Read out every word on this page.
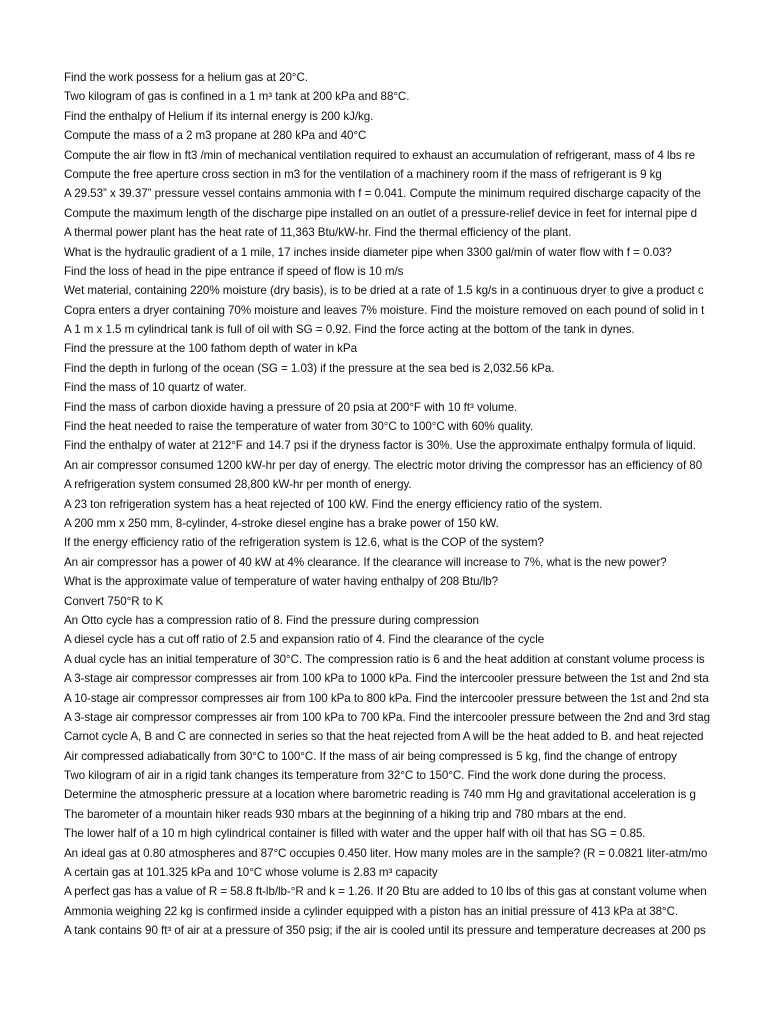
Find the work possess for a helium gas at 20°C.
Two kilogram of gas is confined in a 1 m³ tank at 200 kPa and 88°C.
Find the enthalpy of Helium if its internal energy is 200 kJ/kg.
Compute the mass of a 2 m3 propane at 280 kPa and 40°C
Compute the air flow in ft3 /min of mechanical ventilation required to exhaust an accumulation of refrigerant, mass of 4 lbs re
Compute the free aperture cross section in m3 for the ventilation of a machinery room if the mass of refrigerant is 9 kg
A 29.53” x 39.37” pressure vessel contains ammonia with f = 0.041. Compute the minimum required discharge capacity of the
Compute the maximum length of the discharge pipe installed on an outlet of a pressure-relief device in feet for internal pipe d
A thermal power plant has the heat rate of 11,363 Btu/kW-hr. Find the thermal efficiency of the plant.
What is the hydraulic gradient of a 1 mile, 17 inches inside diameter pipe when 3300 gal/min of water flow with f = 0.03?
Find the loss of head in the pipe entrance if speed of flow is 10 m/s
Wet material, containing 220% moisture (dry basis), is to be dried at a rate of 1.5 kg/s in a continuous dryer to give a product c
Copra enters a dryer containing 70% moisture and leaves 7% moisture. Find the moisture removed on each pound of solid in t
A 1 m x 1.5 m cylindrical tank is full of oil with SG = 0.92. Find the force acting at the bottom of the tank in dynes.
Find the pressure at the 100 fathom depth of water in kPa
Find the depth in furlong of the ocean (SG = 1.03) if the pressure at the sea bed is 2,032.56 kPa.
Find the mass of 10 quartz of water.
Find the mass of carbon dioxide having a pressure of 20 psia at 200°F with 10 ft³ volume.
Find the heat needed to raise the temperature of water from 30°C to 100°C with 60% quality.
Find the enthalpy of water at 212°F and 14.7 psi if the dryness factor is 30%. Use the approximate enthalpy formula of liquid.
An air compressor consumed 1200 kW-hr per day of energy. The electric motor driving the compressor has an efficiency of 80
A refrigeration system consumed 28,800 kW-hr per month of energy.
A 23 ton refrigeration system has a heat rejected of 100 kW. Find the energy efficiency ratio of the system.
A 200 mm x 250 mm, 8-cylinder, 4-stroke diesel engine has a brake power of 150 kW.
If the energy efficiency ratio of the refrigeration system is 12.6, what is the COP of the system?
An air compressor has a power of 40 kW at 4% clearance. If the clearance will increase to 7%, what is the new power?
What is the approximate value of temperature of water having enthalpy of 208 Btu/lb?
Convert 750°R to K
An Otto cycle has a compression ratio of 8. Find the pressure during compression
A diesel cycle has a cut off ratio of 2.5 and expansion ratio of 4. Find the clearance of the cycle
A dual cycle has an initial temperature of 30°C. The compression ratio is 6 and the heat addition at constant volume process is
A 3-stage air compressor compresses air from 100 kPa to 1000 kPa. Find the intercooler pressure between the 1st and 2nd sta
A 10-stage air compressor compresses air from 100 kPa to 800 kPa. Find the intercooler pressure between the 1st and 2nd sta
A 3-stage air compressor compresses air from 100 kPa to 700 kPa. Find the intercooler pressure between the 2nd and 3rd stag
Carnot cycle A, B and C are connected in series so that the heat rejected from A will be the heat added to B. and heat rejected
Air compressed adiabatically from 30°C to 100°C. If the mass of air being compressed is 5 kg, find the change of entropy
Two kilogram of air in a rigid tank changes its temperature from 32°C to 150°C. Find the work done during the process.
Determine the atmospheric pressure at a location where barometric reading is 740 mm Hg and gravitational acceleration is g
The barometer of a mountain hiker reads 930 mbars at the beginning of a hiking trip and 780 mbars at the end.
The lower half of a 10 m high cylindrical container is filled with water and the upper half with oil that has SG = 0.85.
An ideal gas at 0.80 atmospheres and 87°C occupies 0.450 liter. How many moles are in the sample? (R = 0.0821 liter-atm/mo
A certain gas at 101.325 kPa and 10°C whose volume is 2.83 m³ capacity
A perfect gas has a value of R = 58.8 ft-lb/lb-°R and k = 1.26. If 20 Btu are added to 10 lbs of this gas at constant volume when
Ammonia weighing 22 kg is confirmed inside a cylinder equipped with a piston has an initial pressure of 413 kPa at 38°C.
A tank contains 90 ft³ of air at a pressure of 350 psig; if the air is cooled until its pressure and temperature decreases at 200 ps
